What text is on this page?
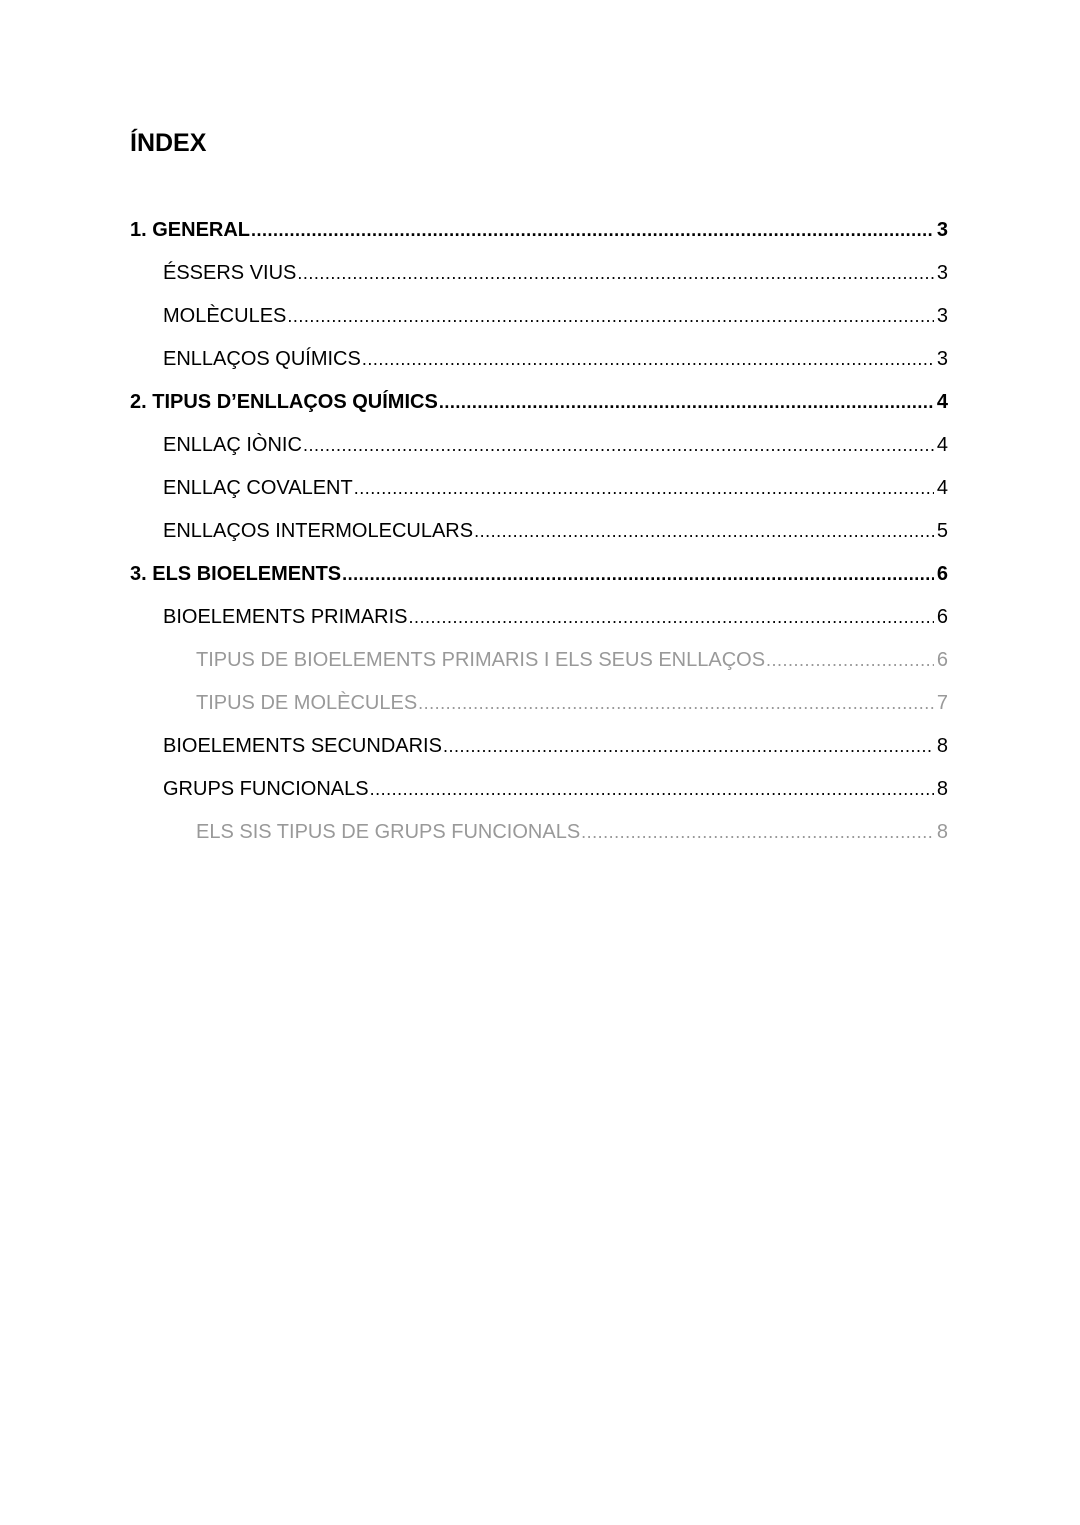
ÍNDEX
1. GENERAL .....	3
ÉSSERS VIUS .....	3
MOLÈCULES .....	3
ENLLAÇOS QUÍMICS .....	3
2. TIPUS D’ENLLAÇOS QUÍMICS .....	4
ENLLAÇ IÒNIC .....	4
ENLLAÇ COVALENT .....	4
ENLLAÇOS INTERMOLECULARS .....	5
3. ELS BIOELEMENTS .....	6
BIOELEMENTS PRIMARIS .....	6
TIPUS DE BIOELEMENTS PRIMARIS I ELS SEUS ENLLAÇOS .....	6
TIPUS DE MOLÈCULES .....	7
BIOELEMENTS SECUNDARIS .....	8
GRUPS FUNCIONALS .....	8
ELS SIS TIPUS DE GRUPS FUNCIONALS .....	8
